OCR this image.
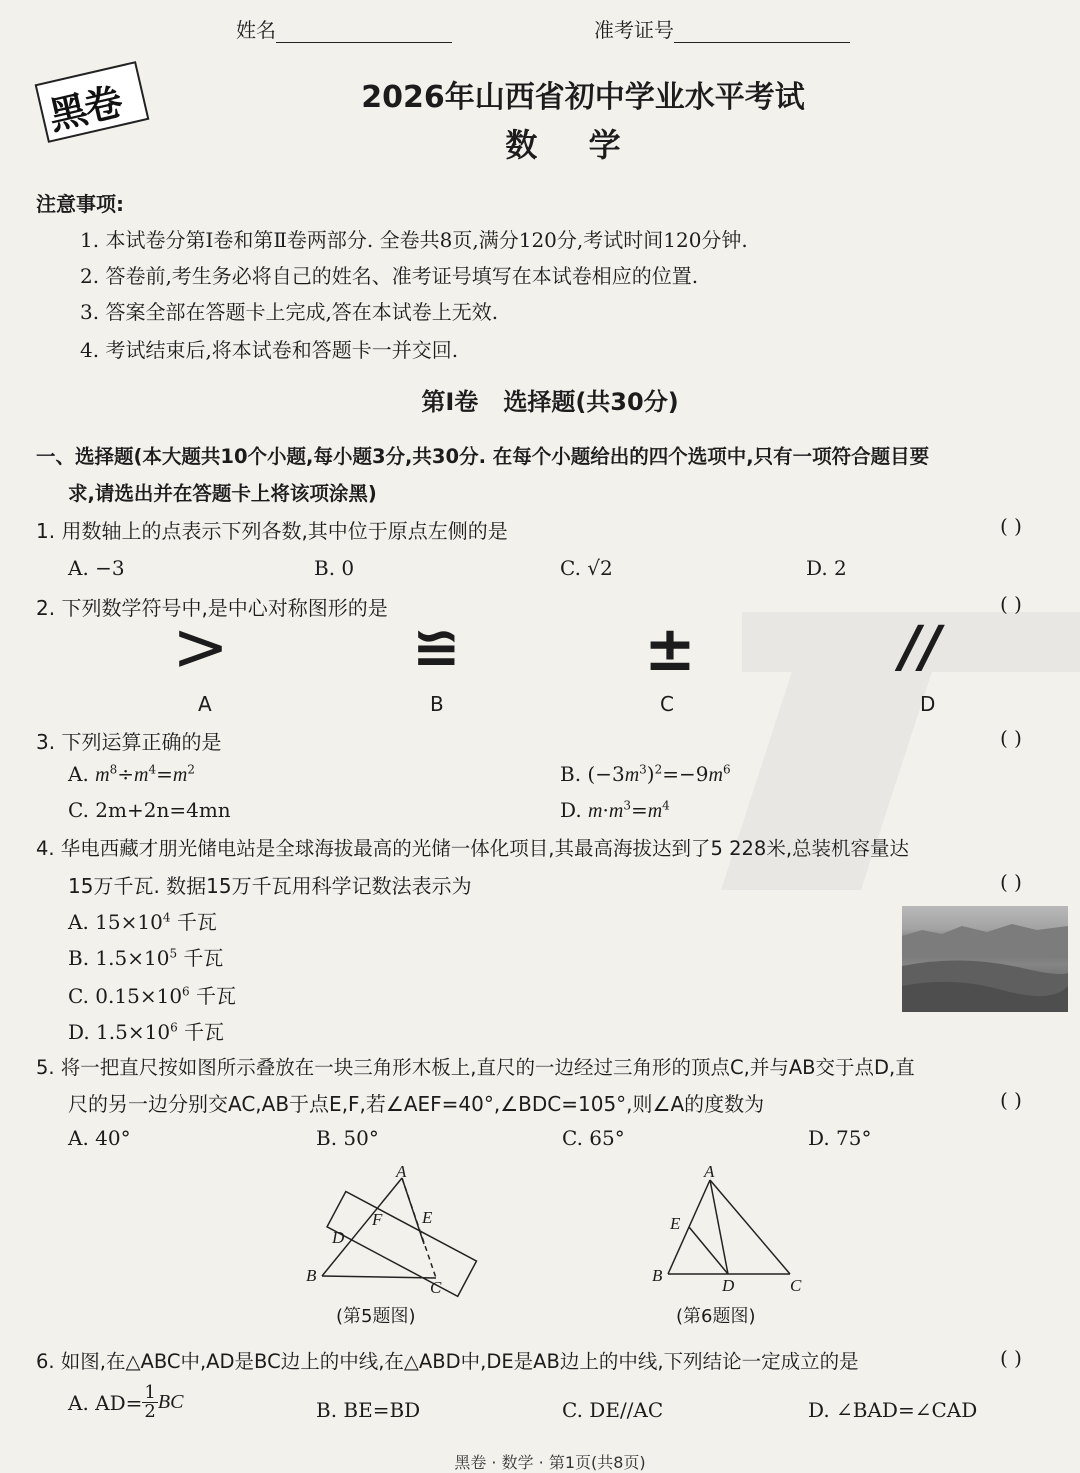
姓名	准考证号
黑卷	2026年山西省初中学业水平考试
数 学
注意事项:
1. 本试卷分第Ⅰ卷和第Ⅱ卷两部分. 全卷共8页,满分120分,考试时间120分钟.
2. 答卷前,考生务必将自己的姓名、准考证号填写在本试卷相应的位置.
3. 答案全部在答题卡上完成,答在本试卷上无效.
4. 考试结束后,将本试卷和答题卡一并交回.
第Ⅰ卷   选择题(共30分)
一、选择题(本大题共10个小题,每小题3分,共30分. 在每个小题给出的四个选项中,只有一项符合题目要
求,请选出并在答题卡上将该项涂黑)
1. 用数轴上的点表示下列各数,其中位于原点左侧的是	( )
A. −3	B. 0	C. √2	D. 2
2. 下列数学符号中,是中心对称图形的是	( )
>	≌	±	//
A	B	C	D
3. 下列运算正确的是	( )
A. $m^8\div m^4=m^2$	B. $(-3m^3)^2=-9m^6$
C. 2m+2n=4mn	D. $m\cdot m^3=m^4$
4. 华电西藏才朋光储电站是全球海拔最高的光储一体化项目,其最高海拔达到了5 228米,总装机容量达
15万千瓦. 数据15万千瓦用科学记数法表示为	( )
A. $15\times 10^4$ 千瓦
B. $1.5\times 10^5$ 千瓦
C. $0.15\times 10^6$ 千瓦
D. $1.5\times 10^6$ 千瓦
5. 将一把直尺按如图所示叠放在一块三角形木板上,直尺的一边经过三角形的顶点C,并与AB交于点D,直
尺的另一边分别交AC,AB于点E,F,若∠AEF=40°,∠BDC=105°,则∠A的度数为	( )
A. 40°	B. 50°	C. 65°	D. 75°
A
F E
D
B
C
(第5题图)
A
E
B
D	C
(第6题图)
6. 如图,在△ABC中,AD是BC边上的中线,在△ABD中,DE是AB边上的中线,下列结论一定成立的是	( )
A. $AD= \frac{1}{2}$ BC	B. BE=BD	C. DE//AC	D. ∠BAD=∠CAD
黑卷 · 数学 · 第1页(共8页)
